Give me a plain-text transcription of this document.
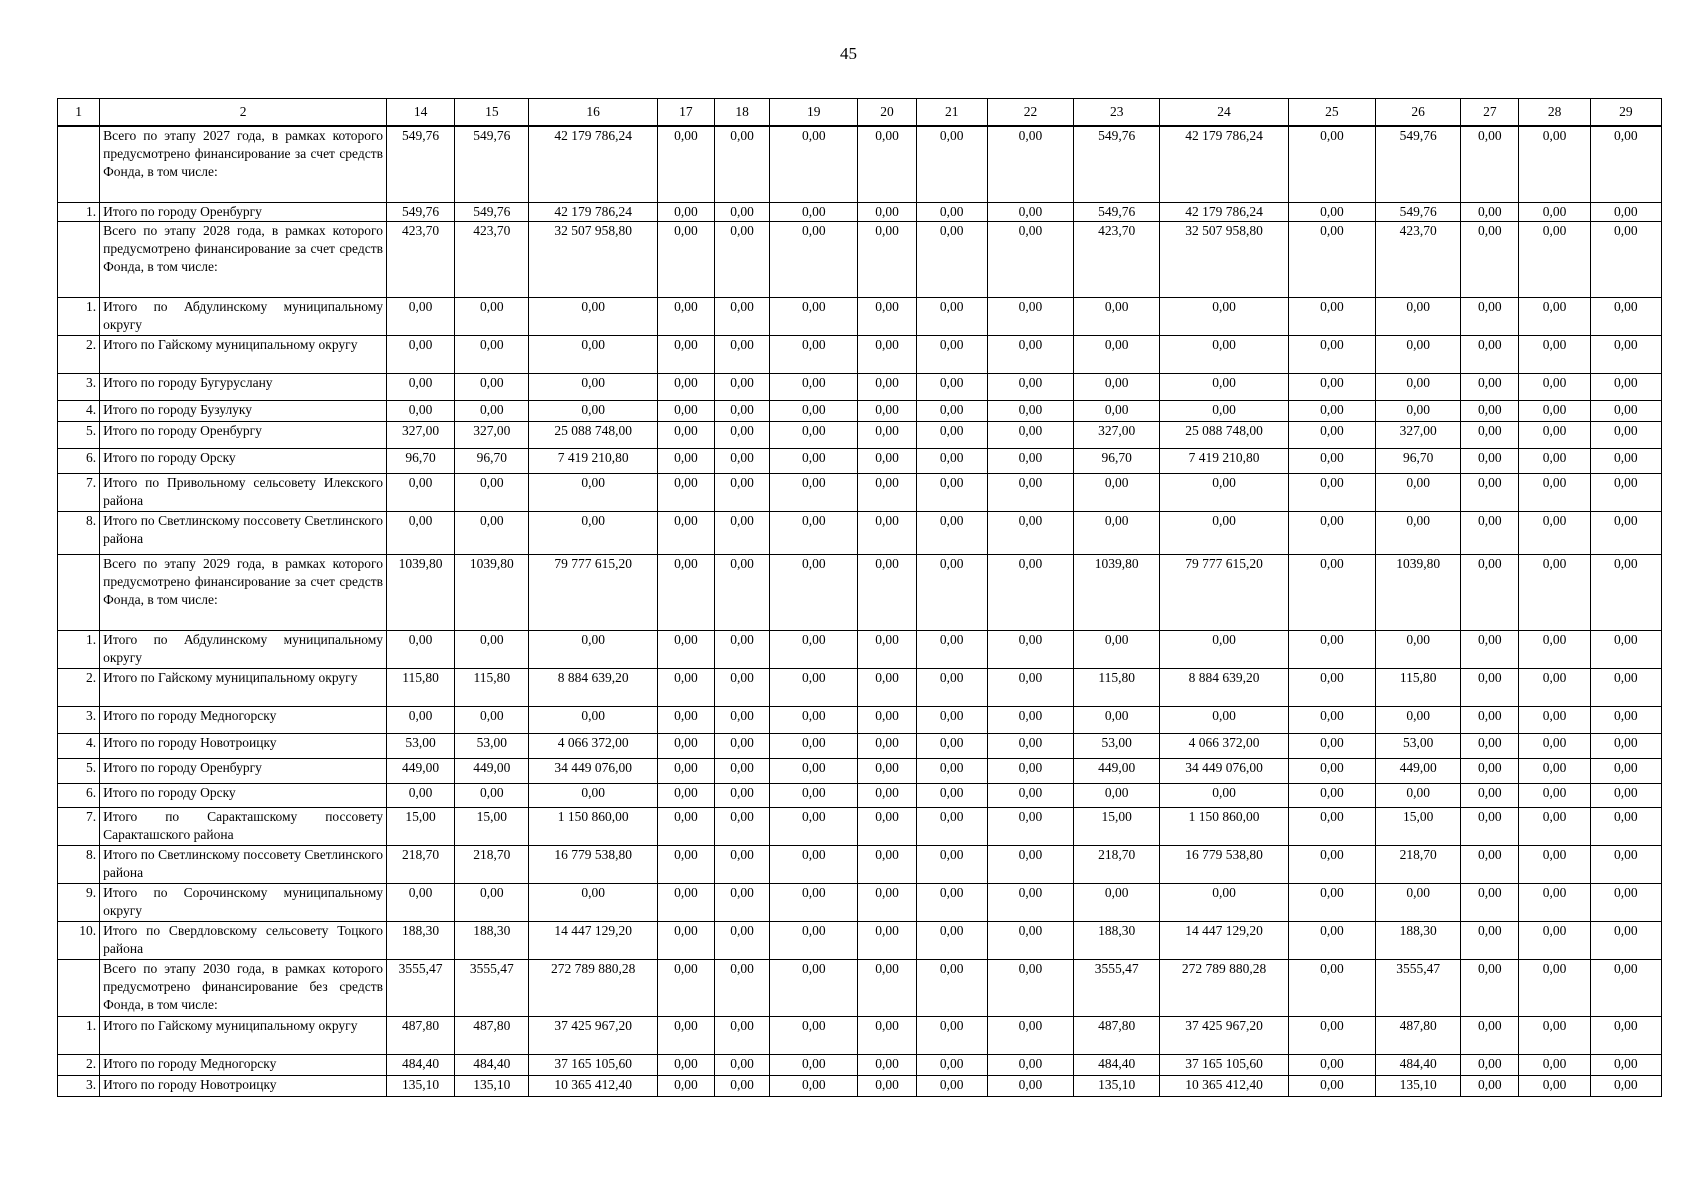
45
1	2	14	15	16	17	18	19	20	21	22	23	24	25	26	27	28	29
	Всего по этапу 2027 года, в рамках которого предусмотрено финансирование за счет средств Фонда, в том числе:	549,76	549,76	42 179 786,24	0,00	0,00	0,00	0,00	0,00	0,00	549,76	42 179 786,24	0,00	549,76	0,00	0,00	0,00
1.	Итого по городу Оренбургу	549,76	549,76	42 179 786,24	0,00	0,00	0,00	0,00	0,00	0,00	549,76	42 179 786,24	0,00	549,76	0,00	0,00	0,00
	Всего по этапу 2028 года, в рамках которого предусмотрено финансирование за счет средств Фонда, в том числе:	423,70	423,70	32 507 958,80	0,00	0,00	0,00	0,00	0,00	0,00	423,70	32 507 958,80	0,00	423,70	0,00	0,00	0,00
1.	Итого по Абдулинскому муниципальному округу	0,00	0,00	0,00	0,00	0,00	0,00	0,00	0,00	0,00	0,00	0,00	0,00	0,00	0,00	0,00	0,00
2.	Итого по Гайскому муниципальному округу	0,00	0,00	0,00	0,00	0,00	0,00	0,00	0,00	0,00	0,00	0,00	0,00	0,00	0,00	0,00	0,00
3.	Итого по городу Бугуруслану	0,00	0,00	0,00	0,00	0,00	0,00	0,00	0,00	0,00	0,00	0,00	0,00	0,00	0,00	0,00	0,00
4.	Итого по городу Бузулуку	0,00	0,00	0,00	0,00	0,00	0,00	0,00	0,00	0,00	0,00	0,00	0,00	0,00	0,00	0,00	0,00
5.	Итого по городу Оренбургу	327,00	327,00	25 088 748,00	0,00	0,00	0,00	0,00	0,00	0,00	327,00	25 088 748,00	0,00	327,00	0,00	0,00	0,00
6.	Итого по городу Орску	96,70	96,70	7 419 210,80	0,00	0,00	0,00	0,00	0,00	0,00	96,70	7 419 210,80	0,00	96,70	0,00	0,00	0,00
7.	Итого по Привольному сельсовету Илекского района	0,00	0,00	0,00	0,00	0,00	0,00	0,00	0,00	0,00	0,00	0,00	0,00	0,00	0,00	0,00	0,00
8.	Итого по Светлинскому поссовету Светлинского района	0,00	0,00	0,00	0,00	0,00	0,00	0,00	0,00	0,00	0,00	0,00	0,00	0,00	0,00	0,00	0,00
	Всего по этапу 2029 года, в рамках которого предусмотрено финансирование за счет средств Фонда, в том числе:	1039,80	1039,80	79 777 615,20	0,00	0,00	0,00	0,00	0,00	0,00	1039,80	79 777 615,20	0,00	1039,80	0,00	0,00	0,00
1.	Итого по Абдулинскому муниципальному округу	0,00	0,00	0,00	0,00	0,00	0,00	0,00	0,00	0,00	0,00	0,00	0,00	0,00	0,00	0,00	0,00
2.	Итого по Гайскому муниципальному округу	115,80	115,80	8 884 639,20	0,00	0,00	0,00	0,00	0,00	0,00	115,80	8 884 639,20	0,00	115,80	0,00	0,00	0,00
3.	Итого по городу Медногорску	0,00	0,00	0,00	0,00	0,00	0,00	0,00	0,00	0,00	0,00	0,00	0,00	0,00	0,00	0,00	0,00
4.	Итого по городу Новотроицку	53,00	53,00	4 066 372,00	0,00	0,00	0,00	0,00	0,00	0,00	53,00	4 066 372,00	0,00	53,00	0,00	0,00	0,00
5.	Итого по городу Оренбургу	449,00	449,00	34 449 076,00	0,00	0,00	0,00	0,00	0,00	0,00	449,00	34 449 076,00	0,00	449,00	0,00	0,00	0,00
6.	Итого по городу Орску	0,00	0,00	0,00	0,00	0,00	0,00	0,00	0,00	0,00	0,00	0,00	0,00	0,00	0,00	0,00	0,00
7.	Итого по Саракташскому поссовету Саракташского района	15,00	15,00	1 150 860,00	0,00	0,00	0,00	0,00	0,00	0,00	15,00	1 150 860,00	0,00	15,00	0,00	0,00	0,00
8.	Итого по Светлинскому поссовету Светлинского района	218,70	218,70	16 779 538,80	0,00	0,00	0,00	0,00	0,00	0,00	218,70	16 779 538,80	0,00	218,70	0,00	0,00	0,00
9.	Итого по Сорочинскому муниципальному округу	0,00	0,00	0,00	0,00	0,00	0,00	0,00	0,00	0,00	0,00	0,00	0,00	0,00	0,00	0,00	0,00
10.	Итого по Свердловскому сельсовету Тоцкого района	188,30	188,30	14 447 129,20	0,00	0,00	0,00	0,00	0,00	0,00	188,30	14 447 129,20	0,00	188,30	0,00	0,00	0,00
	Всего по этапу 2030 года, в рамках которого предусмотрено финансирование без средств Фонда, в том числе:	3555,47	3555,47	272 789 880,28	0,00	0,00	0,00	0,00	0,00	0,00	3555,47	272 789 880,28	0,00	3555,47	0,00	0,00	0,00
1.	Итого по Гайскому муниципальному округу	487,80	487,80	37 425 967,20	0,00	0,00	0,00	0,00	0,00	0,00	487,80	37 425 967,20	0,00	487,80	0,00	0,00	0,00
2.	Итого по городу Медногорску	484,40	484,40	37 165 105,60	0,00	0,00	0,00	0,00	0,00	0,00	484,40	37 165 105,60	0,00	484,40	0,00	0,00	0,00
3.	Итого по городу Новотроицку	135,10	135,10	10 365 412,40	0,00	0,00	0,00	0,00	0,00	0,00	135,10	10 365 412,40	0,00	135,10	0,00	0,00	0,00
